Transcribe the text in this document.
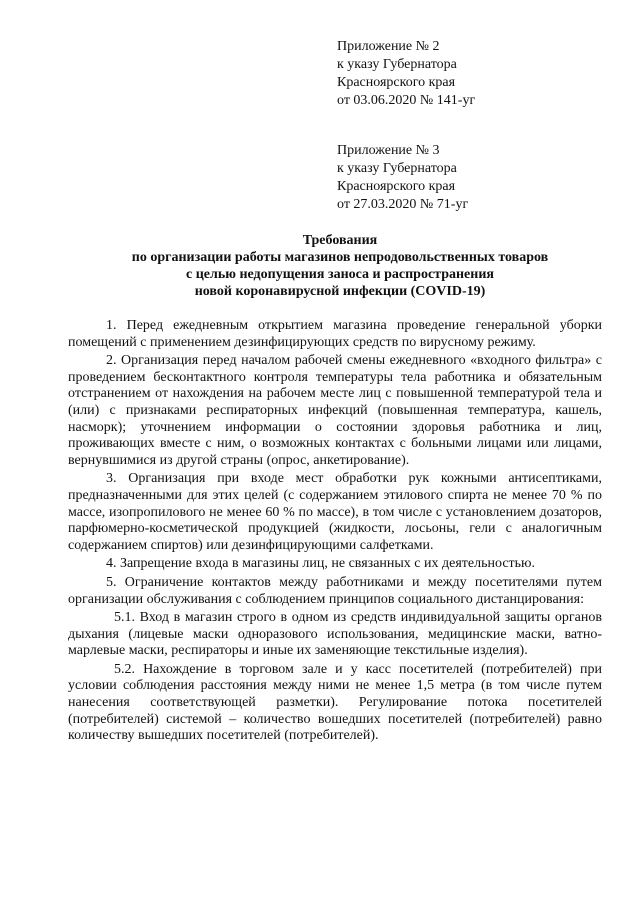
Приложение № 2
к указу Губернатора
Красноярского края
от 03.06.2020 № 141-уг
Приложение № 3
к указу Губернатора
Красноярского края
от 27.03.2020 № 71-уг
Требования
по организации работы магазинов непродовольственных товаров
с целью недопущения заноса и распространения
новой коронавирусной инфекции (COVID-19)

1. Перед ежедневным открытием магазина проведение генеральной уборки помещений с применением дезинфицирующих средств по вирусному режиму.

2. Организация перед началом рабочей смены ежедневного «входного фильтра» с проведением бесконтактного контроля температуры тела работника и обязательным отстранением от нахождения на рабочем месте лиц с повышенной температурой тела и (или) с признаками респираторных инфекций (повышенная температура, кашель, насморк); уточнением информации о состоянии здоровья работника и лиц, проживающих вместе с ним, о возможных контактах с больными лицами или лицами, вернувшимися из другой страны (опрос, анкетирование).

3. Организация при входе мест обработки рук кожными антисептиками, предназначенными для этих целей (с содержанием этилового спирта не менее 70 % по массе, изопропилового не менее 60 % по массе), в том числе с установлением дозаторов, парфюмерно-косметической продукцией (жидкости, лосьоны, гели с аналогичным содержанием спиртов) или дезинфицирующими салфетками.

4. Запрещение входа в магазины лиц, не связанных с их деятельностью.

5. Ограничение контактов между работниками и между посетителями путем организации обслуживания с соблюдением принципов социального дистанцирования:

5.1. Вход в магазин строго в одном из средств индивидуальной защиты органов дыхания (лицевые маски одноразового использования, медицинские маски, ватно-марлевые маски, респираторы и иные их заменяющие текстильные изделия).

5.2. Нахождение в торговом зале и у касс посетителей (потребителей) при условии соблюдения расстояния между ними не менее 1,5 метра (в том числе путем нанесения соответствующей разметки). Регулирование потока посетителей (потребителей) системой – количество вошедших посетителей (потребителей) равно количеству вышедших посетителей (потребителей).
